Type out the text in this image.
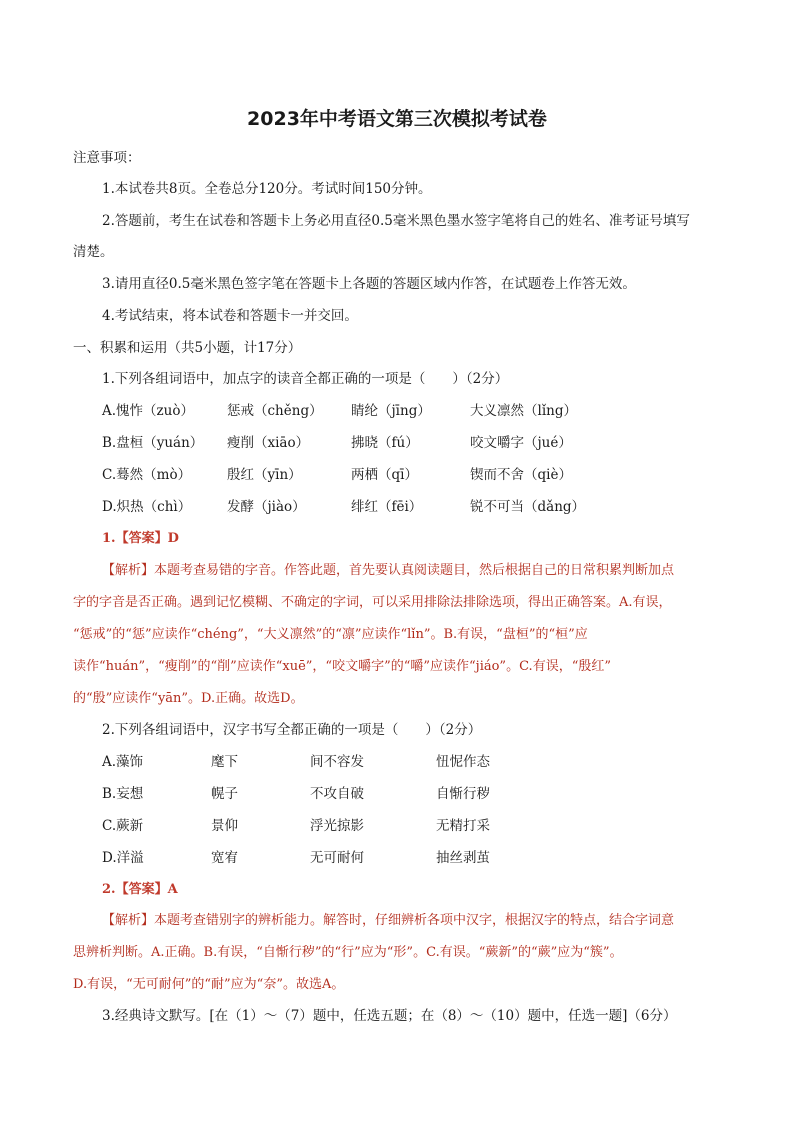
2023年中考语文第三次模拟考试卷
注意事项：
1.本试卷共8页。全卷总分120分。考试时间150分钟。
2.答题前，考生在试卷和答题卡上务必用直径0.5毫米黑色墨水签字笔将自己的姓名、准考证号填写
清楚。
3.请用直径0.5毫米黑色签字笔在答题卡上各题的答题区域内作答，在试题卷上作答无效。
4.考试结束，将本试卷和答题卡一并交回。
一、积累和运用（共5小题，计17分）
1.下列各组词语中，加点字的读音全都正确的一项是（　　）（2分）
A.愧怍（zuò） 惩戒（chěng） 睛纶（jīng）	大义凛然（lǐng）
B.盘桓（yuán） 瘦削（xiāo）	拂晓（fú）	咬文嚼字（jué）
C.蓦然（mò）	殷红（yīn）	两栖（qī）	锲而不舍（qiè）
D.炽热（chì）	发酵（jiào）	绯红（fēi）	锐不可当（dǎng）
1.【答案】D
【解析】本题考查易错的字音。作答此题，首先要认真阅读题目，然后根据自己的日常积累判断加点
字的字音是否正确。遇到记忆模糊、不确定的字词，可以采用排除法排除选项，得出正确答案。A.有误，
“惩戒”的“惩”应读作“chéng”，“大义凛然”的“凛”应读作“lǐn”。B.有误，“盘桓”的“桓”应
读作“huán”，“瘦削”的“削”应读作“xuē”，“咬文嚼字”的“嚼”应读作“jiáo”。C.有误，“殷红”
的“殷”应读作“yān”。D.正确。故选D。
2.下列各组词语中，汉字书写全都正确的一项是（　　）（2分）
A.藻饰	麾下	间不容发	忸怩作态
B.妄想	幌子	不攻自破	自惭行秽
C.蕨新	景仰	浮光掠影	无精打采
D.洋溢	宽宥	无可耐何	抽丝剥茧
2.【答案】A
【解析】本题考查错别字的辨析能力。解答时，仔细辨析各项中汉字，根据汉字的特点，结合字词意
思辨析判断。A.正确。B.有误，“自惭行秽”的“行”应为“形”。C.有误。“蕨新”的“蕨”应为“簇”。
D.有误，“无可耐何”的“耐”应为“奈”。故选A。
3.经典诗文默写。[在（1）～（7）题中，任选五题；在（8）～（10）题中，任选一题]（6分）
